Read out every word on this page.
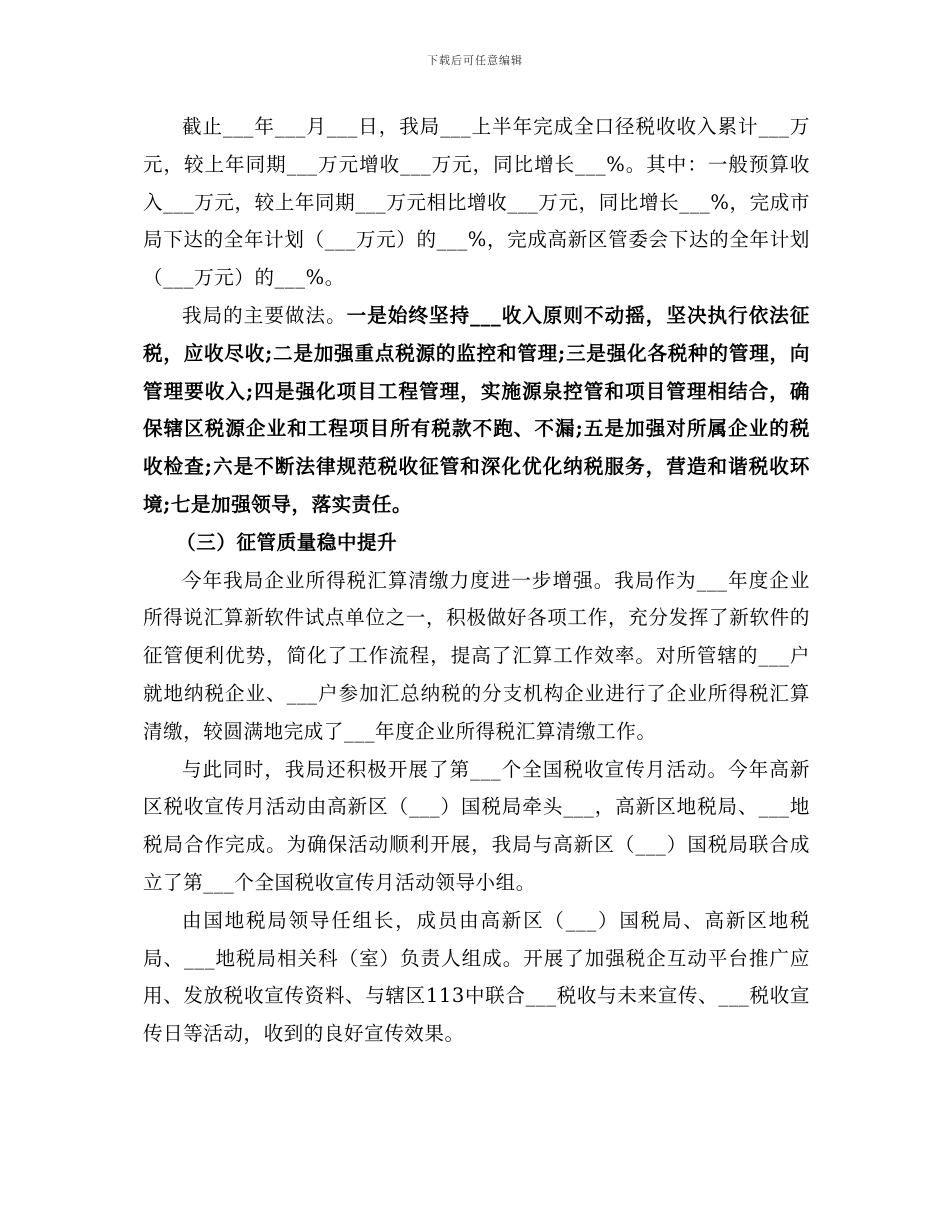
下载后可任意编辑

截止___年___月___日，我局___上半年完成全口径税收收入累计___万元，较上年同期___万元增收___万元，同比增长___%。其中：一般预算收入___万元，较上年同期___万元相比增收___万元，同比增长___%，完成市局下达的全年计划（___万元）的___%，完成高新区管委会下达的全年计划（___万元）的___%。

我局的主要做法。一是始终坚持___收入原则不动摇，坚决执行依法征税，应收尽收;二是加强重点税源的监控和管理;三是强化各税种的管理，向管理要收入;四是强化项目工程管理，实施源泉控管和项目管理相结合，确保辖区税源企业和工程项目所有税款不跑、不漏;五是加强对所属企业的税收检查;六是不断法律规范税收征管和深化优化纳税服务，营造和谐税收环境;七是加强领导，落实责任。

（三）征管质量稳中提升

今年我局企业所得税汇算清缴力度进一步增强。我局作为___年度企业所得说汇算新软件试点单位之一，积极做好各项工作，充分发挥了新软件的征管便利优势，简化了工作流程，提高了汇算工作效率。对所管辖的___户就地纳税企业、___户参加汇总纳税的分支机构企业进行了企业所得税汇算清缴，较圆满地完成了___年度企业所得税汇算清缴工作。

与此同时，我局还积极开展了第___个全国税收宣传月活动。今年高新区税收宣传月活动由高新区（___）国税局牵头___，高新区地税局、___地税局合作完成。为确保活动顺利开展，我局与高新区（___）国税局联合成立了第___个全国税收宣传月活动领导小组。

由国地税局领导任组长，成员由高新区（___）国税局、高新区地税局、___地税局相关科（室）负责人组成。开展了加强税企互动平台推广应用、发放税收宣传资料、与辖区113中联合___税收与未来宣传、___税收宣传日等活动，收到的良好宣传效果。
